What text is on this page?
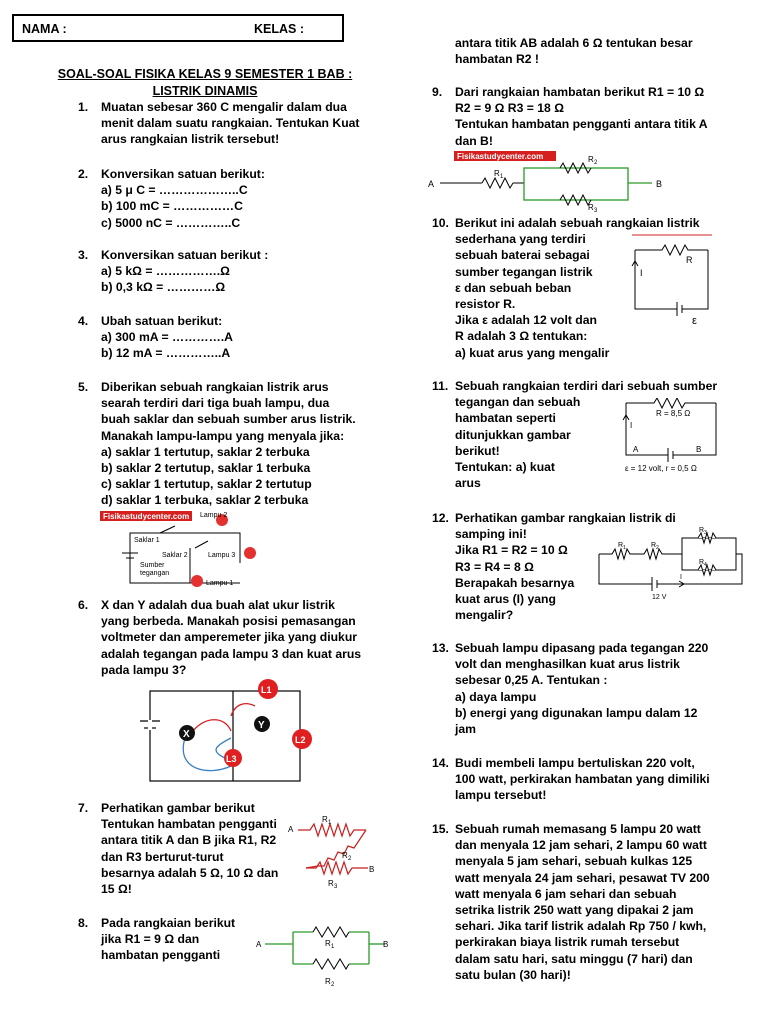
NAMA :	KELAS :
SOAL-SOAL FISIKA KELAS 9 SEMESTER 1 BAB :
LISTRIK DINAMIS
1. Muatan sebesar 360 C mengalir dalam dua
menit dalam suatu rangkaian. Tentukan Kuat
arus rangkaian listrik tersebut!
2. Konversikan satuan berikut:
a) 5 μ C = ………………..C
b) 100 mC = ……………C
c) 5000 nC = …………..C
3. Konversikan satuan berikut :
a) 5 kΩ = …………….Ω
b) 0,3 kΩ = …………Ω
4. Ubah satuan berikut:
a) 300 mA = ………….A
b) 12 mA = …………..A
5. Diberikan sebuah rangkaian listrik arus
searah terdiri dari tiga buah lampu, dua
buah saklar dan sebuah sumber arus listrik.
Manakah lampu-lampu yang menyala jika:
a) saklar 1 tertutup, saklar 2 terbuka
b) saklar 2 tertutup, saklar 1 terbuka
c) saklar 1 tertutup, saklar 2 tertutup
d) saklar 1 terbuka, saklar 2 terbuka
Fisikastudycenter.com
Saklar 1
Saklar 2
Sumber
tegangan
Lampu 1
Lampu 2
Lampu 3
6. X dan Y adalah dua buah alat ukur listrik
yang berbeda. Manakah posisi pemasangan
voltmeter dan amperemeter jika yang diukur
adalah tegangan pada lampu 3 dan kuat arus
pada lampu 3?
X
Y
L1
L2
L3
7. Perhatikan gambar berikut
Tentukan hambatan pengganti
antara titik A dan B jika R1, R2
dan R3 berturut-turut
besarnya adalah 5 Ω, 10 Ω dan
15 Ω!
A
B
R 1
R 2
R 3
8. Pada rangkaian berikut
jika R1 = 9 Ω dan
hambatan pengganti
A	B
R 1
R 2
antara titik AB adalah 6 Ω tentukan besar
hambatan R2 !
9. Dari rangkaian hambatan berikut R1 = 10 Ω
R2 = 9 Ω R3 = 18 Ω
Tentukan hambatan pengganti antara titik A
dan B!
Fisikastudycenter.com
A	B
R 1
R 2
R 3
10. Berikut ini adalah sebuah rangkaian listrik
sederhana yang terdiri
sebuah baterai sebagai
sumber tegangan listrik
ε dan sebuah beban
resistor R.
Jika ε adalah 12 volt dan
R adalah 3 Ω tentukan:
a) kuat arus yang mengalir
R
I
ε
11. Sebuah rangkaian terdiri dari sebuah sumber
tegangan dan sebuah
hambatan seperti
ditunjukkan gambar
berikut!
Tentukan: a) kuat
arus
R = 8,5 Ω
I
A	B
ε = 12 volt, r = 0,5 Ω
12. Perhatikan gambar rangkaian listrik di
samping ini!
Jika R1 = R2 = 10 Ω
R3 = R4 = 8 Ω
Berapakah besarnya
kuat arus (I) yang
mengalir?
R 1	R 2
R 3
R 4
I
12 V
13. Sebuah lampu dipasang pada tegangan 220
volt dan menghasilkan kuat arus listrik
sebesar 0,25 A. Tentukan :
a) daya lampu
b) energi yang digunakan lampu dalam 12
jam
14. Budi membeli lampu bertuliskan 220 volt,
100 watt, perkirakan hambatan yang dimiliki
lampu tersebut!
15. Sebuah rumah memasang 5 lampu 20 watt
dan menyala 12 jam sehari, 2 lampu 60 watt
menyala 5 jam sehari, sebuah kulkas 125
watt menyala 24 jam sehari, pesawat TV 200
watt menyala 6 jam sehari dan sebuah
setrika listrik 250 watt yang dipakai 2 jam
sehari. Jika tarif listrik adalah Rp 750 / kwh,
perkirakan biaya listrik rumah tersebut
dalam satu hari, satu minggu (7 hari) dan
satu bulan (30 hari)!
